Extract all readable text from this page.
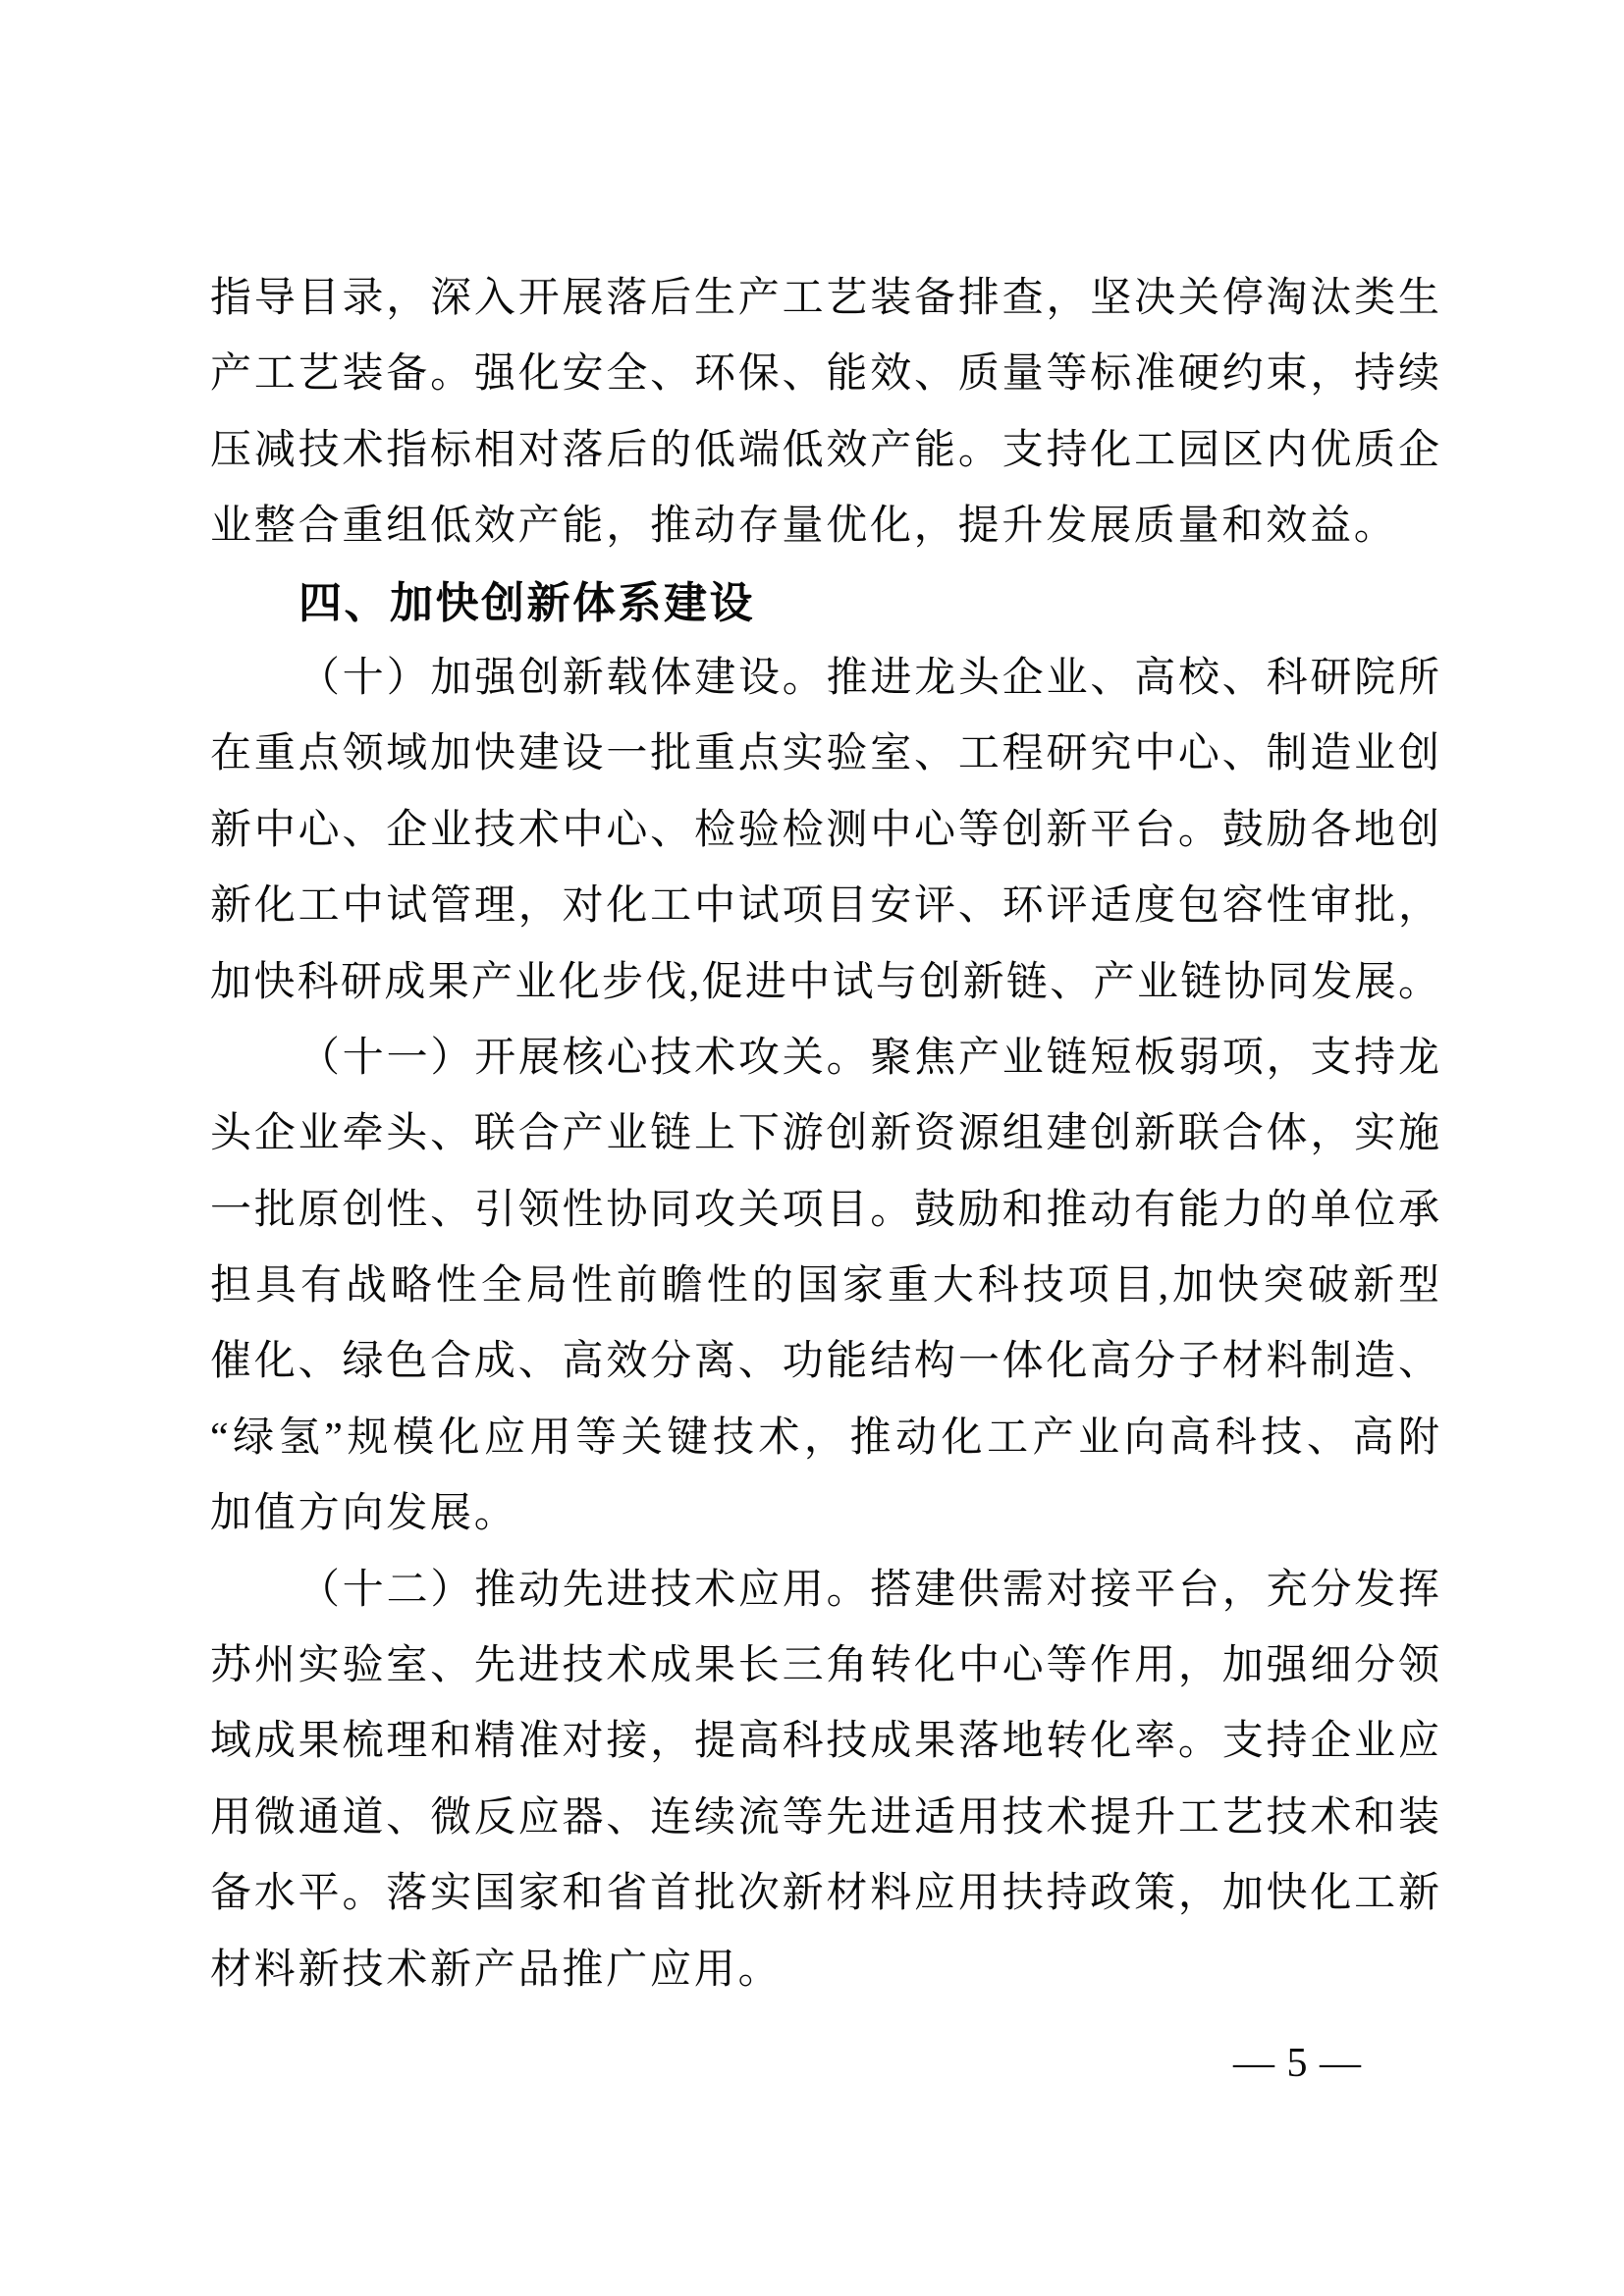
指导目录，深入开展落后生产工艺装备排查，坚决关停淘汰类生
产工艺装备。强化安全、环保、能效、质量等标准硬约束，持续
压减技术指标相对落后的低端低效产能。支持化工园区内优质企
业整合重组低效产能，推动存量优化，提升发展质量和效益。
四、加快创新体系建设
（十）加强创新载体建设。推进龙头企业、高校、科研院所
在重点领域加快建设一批重点实验室、工程研究中心、制造业创
新中心、企业技术中心、检验检测中心等创新平台。鼓励各地创
新化工中试管理，对化工中试项目安评、环评适度包容性审批，
加快科研成果产业化步伐,促进中试与创新链、产业链协同发展。
（十一）开展核心技术攻关。聚焦产业链短板弱项，支持龙
头企业牵头、联合产业链上下游创新资源组建创新联合体，实施
一批原创性、引领性协同攻关项目。鼓励和推动有能力的单位承
担具有战略性全局性前瞻性的国家重大科技项目,加快突破新型
催化、绿色合成、高效分离、功能结构一体化高分子材料制造、
“绿氢”规模化应用等关键技术，推动化工产业向高科技、高附
加值方向发展。
（十二）推动先进技术应用。搭建供需对接平台，充分发挥
苏州实验室、先进技术成果长三角转化中心等作用，加强细分领
域成果梳理和精准对接，提高科技成果落地转化率。支持企业应
用微通道、微反应器、连续流等先进适用技术提升工艺技术和装
备水平。落实国家和省首批次新材料应用扶持政策，加快化工新
材料新技术新产品推广应用。
— 5 —
